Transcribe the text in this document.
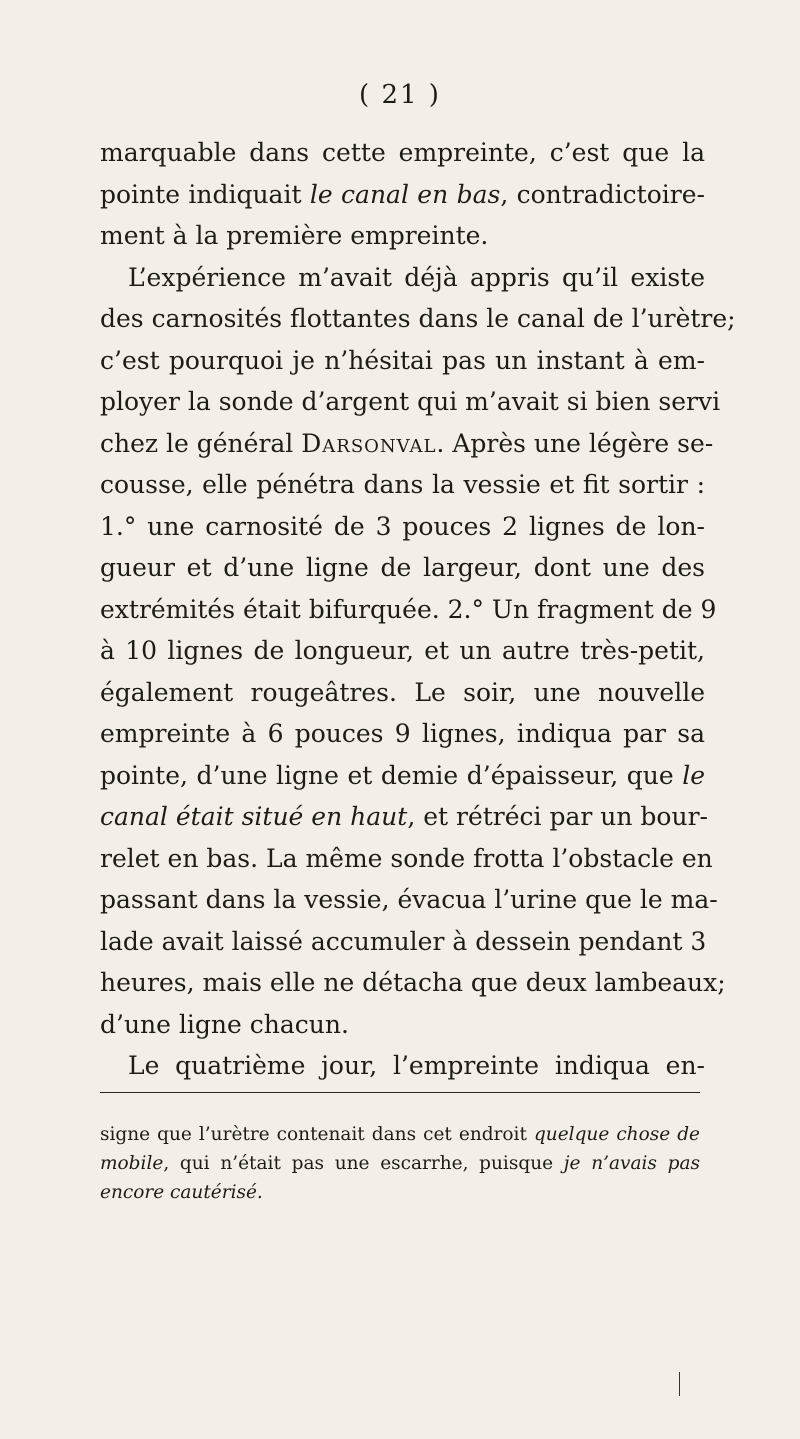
( 21 )
marquable dans cette empreinte, c’est que la
pointe indiquait le canal en bas, contradictoire-
ment à la première empreinte.
L’expérience m’avait déjà appris qu’il existe
des carnosités flottantes dans le canal de l’urètre;
c’est pourquoi je n’hésitai pas un instant à em-
ployer la sonde d’argent qui m’avait si bien servi
chez le général Darsonval. Après une légère se-
cousse, elle pénétra dans la vessie et fit sortir :
1.° une carnosité de 3 pouces 2 lignes de lon-
gueur et d’une ligne de largeur, dont une des
extrémités était bifurquée. 2.° Un fragment de 9
à 10 lignes de longueur, et un autre très-petit,
également rougeâtres. Le soir, une nouvelle
empreinte à 6 pouces 9 lignes, indiqua par sa
pointe, d’une ligne et demie d’épaisseur, que le
canal était situé en haut, et rétréci par un bour-
relet en bas. La même sonde frotta l’obstacle en
passant dans la vessie, évacua l’urine que le ma-
lade avait laissé accumuler à dessein pendant 3
heures, mais elle ne détacha que deux lambeaux;
d’une ligne chacun.
Le quatrième jour, l’empreinte indiqua en-
signe que l’urètre contenait dans cet endroit quelque chose de
mobile, qui n’était pas une escarrhe, puisque je n’avais pas
encore cautérisé.
